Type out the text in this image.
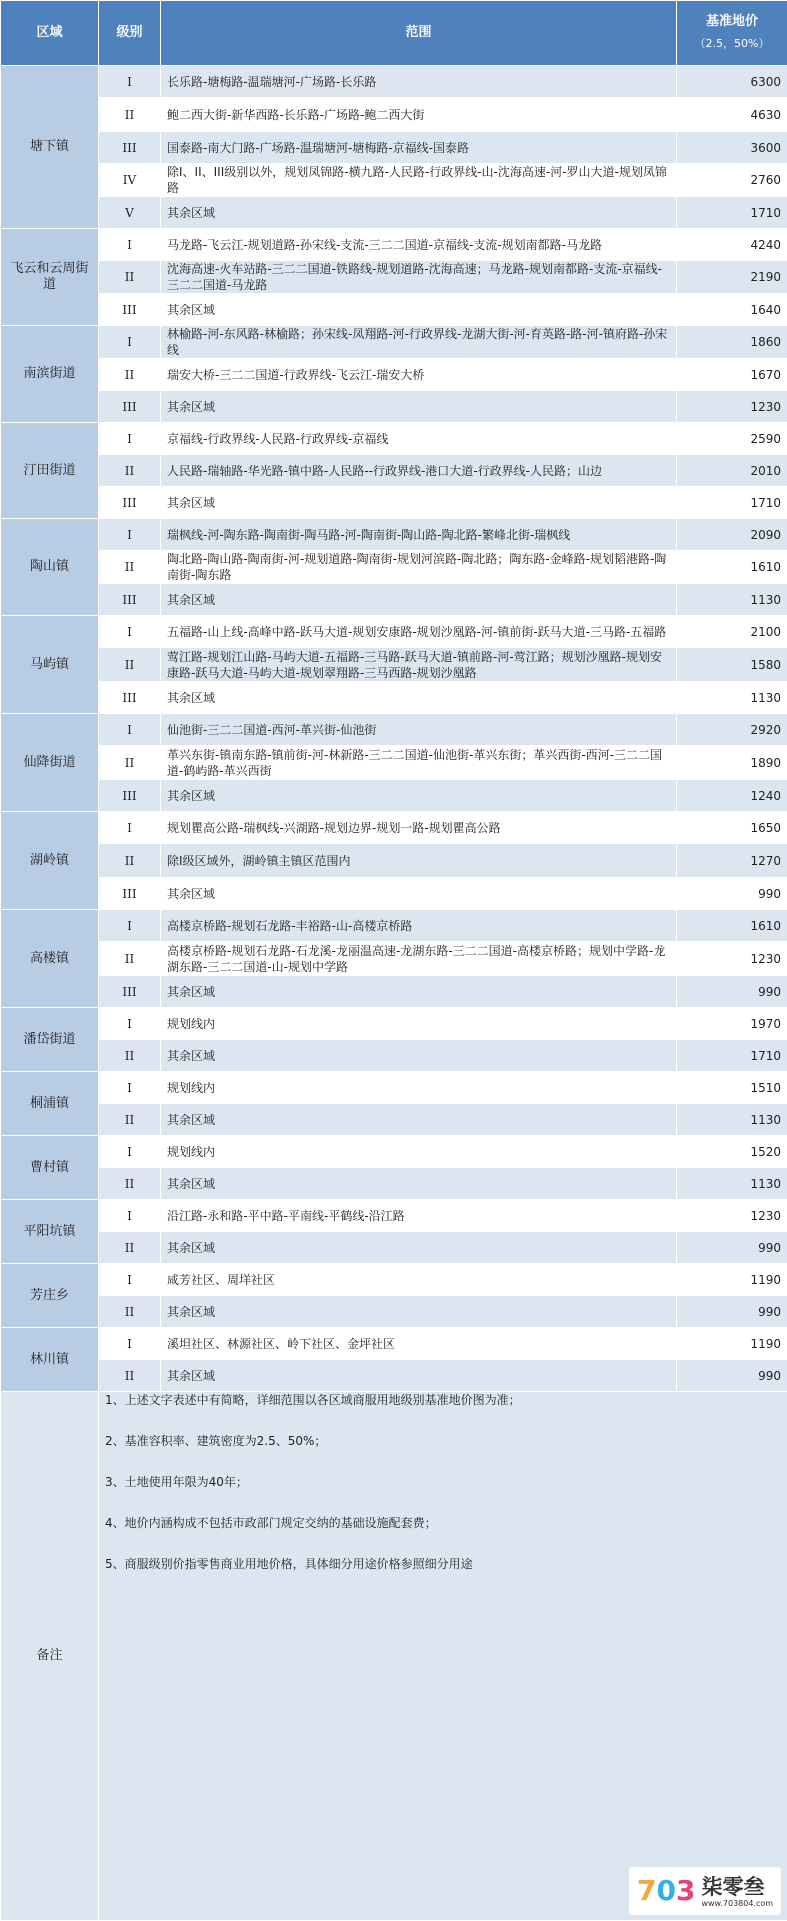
区域	级别	范围	基准地价
（2.5，50%）

塘下镇	I	长乐路-塘梅路-温瑞塘河-广场路-长乐路	6300
	II	鲍二西大街-新华西路-长乐路-广场路-鲍二西大街	4630
	III	国泰路-南大门路-广场路-温瑞塘河-塘梅路-京福线-国泰路	3600
	IV	除I、II、III级别以外，规划凤锦路-横九路-人民路-行政界线-山-沈海高速-河-罗山大道-规划凤锦路	2760
	V	其余区域	1710
飞云和云周街道	I	马龙路-飞云江-规划道路-孙宋线-支流-三二二国道-京福线-支流-规划南都路-马龙路	4240
	II	沈海高速-火车站路-三二二国道-铁路线-规划道路-沈海高速；马龙路-规划南都路-支流-京福线-三二二国道-马龙路	2190
	III	其余区域	1640
南滨街道	I	林榆路-河-东风路-林榆路；孙宋线-凤翔路-河-行政界线-龙湖大街-河-育英路-路-河-镇府路-孙宋线	1860
	II	瑞安大桥-三二二国道-行政界线-飞云江-瑞安大桥	1670
	III	其余区域	1230
汀田街道	I	京福线-行政界线-人民路-行政界线-京福线	2590
	II	人民路-瑞轴路-华光路-镇中路-人民路--行政界线-港口大道-行政界线-人民路；山边	2010
	III	其余区域	1710
陶山镇	I	瑞枫线-河-陶东路-陶南街-陶马路-河-陶南街-陶山路-陶北路-繁峰北街-瑞枫线	2090
	II	陶北路-陶山路-陶南街-河-规划道路-陶南街-规划河滨路-陶北路；陶东路-金峰路-规划韬港路-陶南街-陶东路	1610
	III	其余区域	1130
马屿镇	I	五福路-山上线-高峰中路-跃马大道-规划安康路-规划沙凰路-河-镇前街-跃马大道-三马路-五福路	2100
	II	莺江路-规划江山路-马屿大道-五福路-三马路-跃马大道-镇前路-河-莺江路；规划沙凰路-规划安康路-跃马大道-马屿大道-规划翠翔路-三马西路-规划沙凰路	1580
	III	其余区域	1130
仙降街道	I	仙池街-三二二国道-西河-革兴街-仙池街	2920
	II	革兴东街-镇南东路-镇前街-河-林新路-三二二国道-仙池街-革兴东街；革兴西街-西河-三二二国道-鹤屿路-革兴西街	1890
	III	其余区域	1240
湖岭镇	I	规划瞿高公路-瑞枫线-兴湖路-规划边界-规划一路-规划瞿高公路	1650
	II	除I级区域外，湖岭镇主镇区范围内	1270
	III	其余区域	990
高楼镇	I	高楼京桥路-规划石龙路-丰裕路-山-高楼京桥路	1610
	II	高楼京桥路-规划石龙路-石龙溪-龙丽温高速-龙湖东路-三二二国道-高楼京桥路；规划中学路-龙湖东路-三二二国道-山-规划中学路	1230
	III	其余区域	990
潘岱街道	I	规划线内	1970
	II	其余区域	1710
桐浦镇	I	规划线内	1510
	II	其余区域	1130
曹村镇	I	规划线内	1520
	II	其余区域	1130
平阳坑镇	I	沿江路-永和路-平中路-平南线-平鹤线-沿江路	1230
	II	其余区域	990
芳庄乡	I	咸芳社区、周垟社区	1190
	II	其余区域	990
林川镇	I	溪坦社区、林源社区、岭下社区、金坪社区	1190
	II	其余区域	990
备注	1、上述文字表述中有简略，详细范围以各区域商服用地级别基准地价图为准；
2、基准容积率、建筑密度为2.5、50%；
3、土地使用年限为40年；
4、地价内涵构成不包括市政部门规定交纳的基础设施配套费；
5、商服级别价指零售商业用地价格，具体细分用途价格参照细分用途		
7 0 3 柒零叁
www.703804.com
